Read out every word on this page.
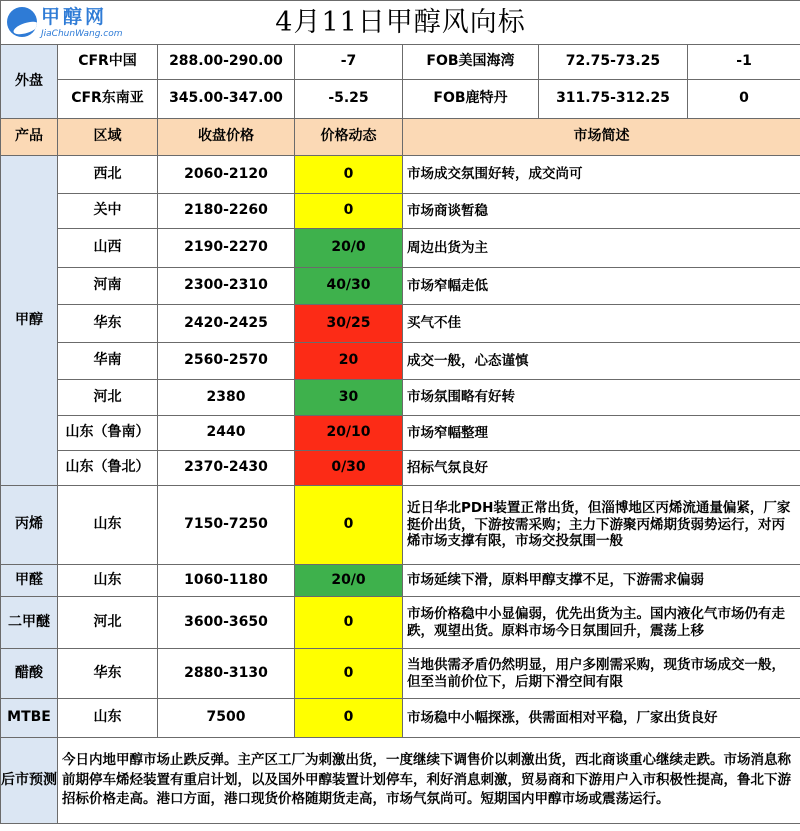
甲醇网
JiaChunWang.com 4月11日甲醇风向标						
外盘	CFR中国	288.00-290.00	-7	FOB美国海湾	72.75-73.25	-1
	CFR东南亚	345.00-347.00	-5.25	FOB鹿特丹	311.75-312.25	0
产品	区域	收盘价格	价格动态	市场简述		
甲醇	西北	2060-2120	0	市场成交氛围好转，成交尚可		
	关中	2180-2260	0	市场商谈暂稳		
	山西	2190-2270	20/0	周边出货为主		
	河南	2300-2310	40/30	市场窄幅走低		
	华东	2420-2425	30/25	买气不佳		
	华南	2560-2570	20	成交一般，心态谨慎		
	河北	2380	30	市场氛围略有好转		
	山东（鲁南）	2440	20/10	市场窄幅整理		
	山东（鲁北）	2370-2430	0/30	招标气氛良好		
丙烯	山东	7150-7250	0	近日华北PDH装置正常出货，但淄博地区丙烯流通量偏紧，厂家挺价出货，下游按需采购；主力下游聚丙烯期货弱势运行，对丙烯市场支撑有限，市场交投氛围一般		
甲醛	山东	1060-1180	20/0	市场延续下滑，原料甲醇支撑不足，下游需求偏弱		
二甲醚	河北	3600-3650	0	市场价格稳中小显偏弱，优先出货为主。国内液化气市场仍有走跌，观望出货。原料市场今日氛围回升，震荡上移		
醋酸	华东	2880-3130	0	当地供需矛盾仍然明显，用户多刚需采购，现货市场成交一般，但至当前价位下，后期下滑空间有限		
MTBE	山东	7500	0	市场稳中小幅探涨，供需面相对平稳，厂家出货良好		
后市预测	今日内地甲醇市场止跌反弹。主产区工厂为刺激出货，一度继续下调售价以刺激出货，西北商谈重心继续走跌。市场消息称前期停车烯烃装置有重启计划，以及国外甲醇装置计划停车，利好消息刺激，贸易商和下游用户入市积极性提高，鲁北下游招标价格走高。港口方面，港口现货价格随期货走高，市场气氛尚可。短期国内甲醇市场或震荡运行。					
